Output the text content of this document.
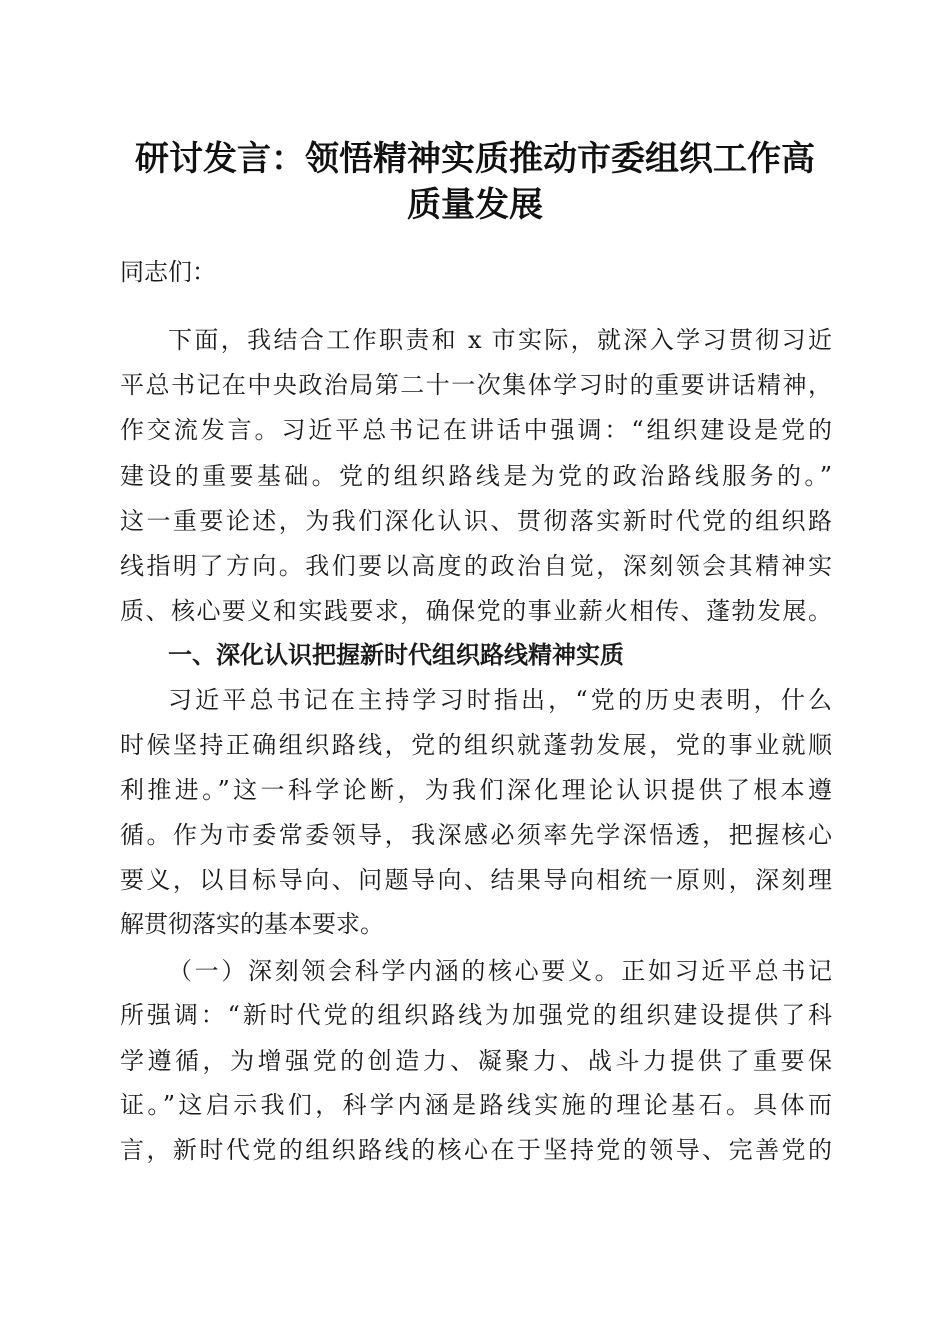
研讨发言：领悟精神实质推动市委组织工作高
质量发展
同志们：
下面，我结合工作职责和 x 市实际，就深入学习贯彻习近
平总书记在中央政治局第二十一次集体学习时的重要讲话精神，
作交流发言。习近平总书记在讲话中强调：“组织建设是党的
建设的重要基础。党的组织路线是为党的政治路线服务的。”
这一重要论述，为我们深化认识、贯彻落实新时代党的组织路
线指明了方向。我们要以高度的政治自觉，深刻领会其精神实
质、核心要义和实践要求，确保党的事业薪火相传、蓬勃发展。
一、深化认识把握新时代组织路线精神实质
习近平总书记在主持学习时指出，“党的历史表明，什么
时候坚持正确组织路线，党的组织就蓬勃发展，党的事业就顺
利推进。”这一科学论断，为我们深化理论认识提供了根本遵
循。作为市委常委领导，我深感必须率先学深悟透，把握核心
要义，以目标导向、问题导向、结果导向相统一原则，深刻理
解贯彻落实的基本要求。
（一）深刻领会科学内涵的核心要义。正如习近平总书记
所强调：“新时代党的组织路线为加强党的组织建设提供了科
学遵循，为增强党的创造力、凝聚力、战斗力提供了重要保
证。”这启示我们，科学内涵是路线实施的理论基石。具体而
言，新时代党的组织路线的核心在于坚持党的领导、完善党的
